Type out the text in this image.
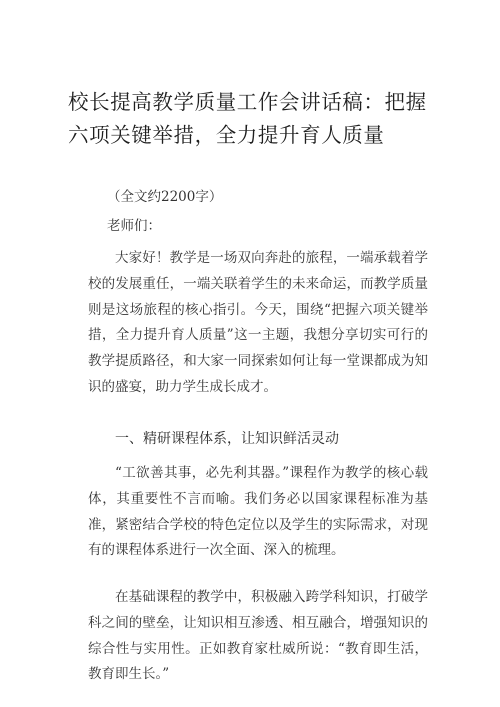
校长提高教学质量工作会讲话稿：把握六项关键举措，全力提升育人质量
（全文约2200字）
老师们：

大家好！教学是一场双向奔赴的旅程，一端承载着学校的发展重任，一端关联着学生的未来命运，而教学质量则是这场旅程的核心指引。今天，围绕“把握六项关键举措，全力提升育人质量”这一主题，我想分享切实可行的教学提质路径，和大家一同探索如何让每一堂课都成为知识的盛宴，助力学生成长成才。

一、精研课程体系，让知识鲜活灵动

“工欲善其事，必先利其器。”课程作为教学的核心载体，其重要性不言而喻。我们务必以国家课程标准为基准，紧密结合学校的特色定位以及学生的实际需求，对现有的课程体系进行一次全面、深入的梳理。

在基础课程的教学中，积极融入跨学科知识，打破学科之间的壁垒，让知识相互渗透、相互融合，增强知识的综合性与实用性。正如教育家杜威所说：“教育即生活，教育即生长。”
